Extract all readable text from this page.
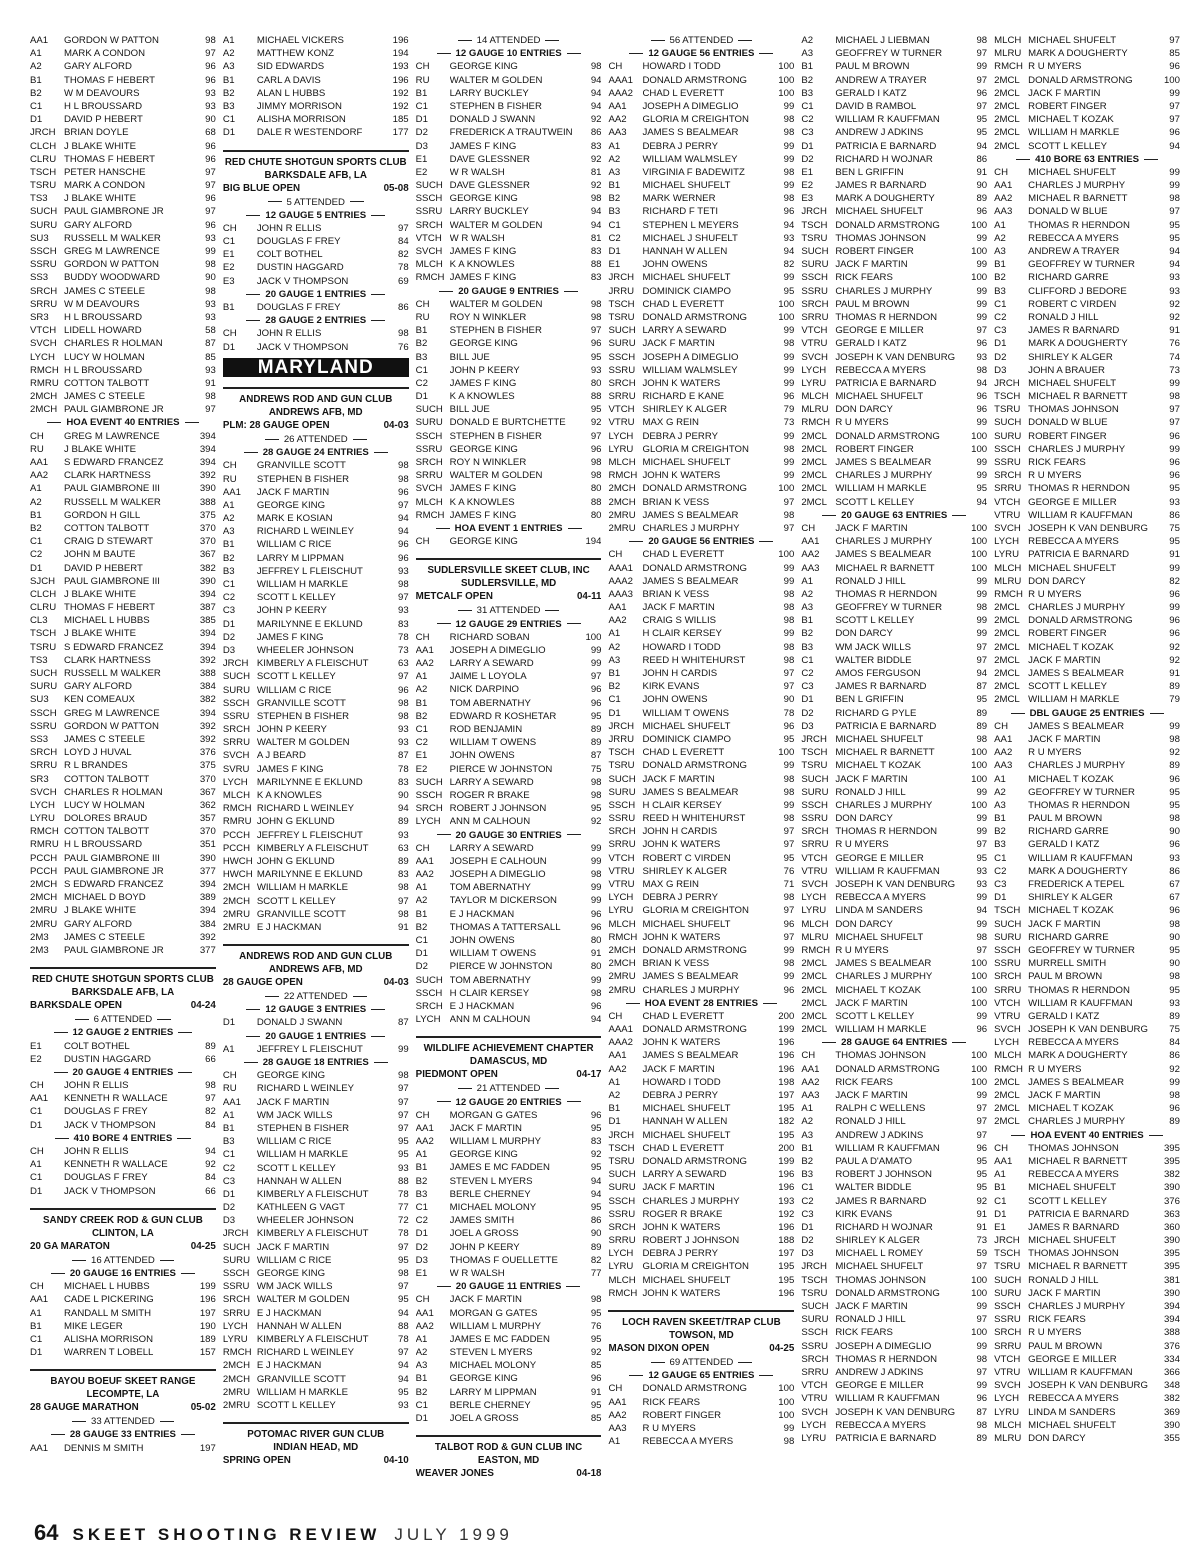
AA1	GORDON W PATTON	98
A1	MARK A CONDON	97
A2	GARY ALFORD	96
B1	THOMAS F HEBERT	96
B2	W M DEAVOURS	93
C1	H L BROUSSARD	93
D1	DAVID P HEBERT	90
JRCH BRIAN DOYLE	68
CLCH J BLAKE WHITE	96
CLRU THOMAS F HEBERT	96
TSCH PETER HANSCHE	97
TSRU MARK A CONDON	97
TS3	J BLAKE WHITE	96
SUCH PAUL GIAMBRONE JR	97
SURU GARY ALFORD	96
SU3	RUSSELL M WALKER	93
SSCH GREG M LAWRENCE	99
SSRU GORDON W PATTON	98
SS3	BUDDY WOODWARD	90
SRCH JAMES C STEELE	98
SRRU W M DEAVOURS	93
SR3	H L BROUSSARD	93
VTCH LIDELL HOWARD	58
SVCH CHARLES R HOLMAN	87
LYCH LUCY W HOLMAN	85
RMCH H L BROUSSARD	93
RMRU COTTON TALBOTT	91
2MCH JAMES C STEELE	98
2MCH PAUL GIAMBRONE JR	97
HOA EVENT 40 ENTRIES
CH	GREG M LAWRENCE	394
RU	J BLAKE WHITE	394
AA1	S EDWARD FRANCEZ	394
AA2	CLARK HARTNESS	392
A1	PAUL GIAMBRONE III	390
A2	RUSSELL M WALKER	388
B1	GORDON H GILL	375
B2	COTTON TALBOTT	370
C1	CRAIG D STEWART	370
C2	JOHN M BAUTE	367
D1	DAVID P HEBERT	382
SJCH PAUL GIAMBRONE III	390
CLCH J BLAKE WHITE	394
CLRU THOMAS F HEBERT	387
CL3	MICHAEL L HUBBS	385
TSCH J BLAKE WHITE	394
TSRU S EDWARD FRANCEZ	394
TS3	CLARK HARTNESS	392
SUCH RUSSELL M WALKER	388
SURU GARY ALFORD	384
SU3	KEN COMEAUX	382
SSCH GREG M LAWRENCE	394
SSRU GORDON W PATTON	392
SS3	JAMES C STEELE	392
SRCH LOYD J HUVAL	376
SRRU R L BRANDES	375
SR3	COTTON TALBOTT	370
SVCH CHARLES R HOLMAN	367
LYCH LUCY W HOLMAN	362
LYRU DOLORES BRAUD	357
RMCH COTTON TALBOTT	370
RMRU H L BROUSSARD	351
PCCH PAUL GIAMBRONE III	390
PCCH PAUL GIAMBRONE JR	377
2MCH S EDWARD FRANCEZ	394
2MCH MICHAEL D BOYD	389
2MRU J BLAKE WHITE	394
2MRU GARY ALFORD	384
2M3	JAMES C STEELE	392
2M3	PAUL GIAMBRONE JR	377
RED CHUTE SHOTGUN SPORTS CLUB
BARKSDALE AFB, LA
BARKSDALE OPEN	04-24
6 ATTENDED
12 GAUGE 2 ENTRIES
E1	COLT BOTHEL	89
E2	DUSTIN HAGGARD	66
20 GAUGE 4 ENTRIES
CH	JOHN R ELLIS	98
AA1	KENNETH R WALLACE	97
C1	DOUGLAS F FREY	82
D1	JACK V THOMPSON	84
410 BORE 4 ENTRIES
CH	JOHN R ELLIS	94
A1	KENNETH R WALLACE	92
C1	DOUGLAS F FREY	84
D1	JACK V THOMPSON	66
SANDY CREEK ROD & GUN CLUB
CLINTON, LA
20 GA MARATON	04-25
16 ATTENDED
20 GAUGE 16 ENTRIES
CH	MICHAEL L HUBBS	199
AA1	CADE L PICKERING	196
A1	RANDALL M SMITH	197
B1	MIKE LEGER	190
C1	ALISHA MORRISON	189
D1	WARREN T LOBELL	157
BAYOU BOEUF SKEET RANGE
LECOMPTE, LA
28 GAUGE MARATHON	05-02
33 ATTENDED
28 GAUGE 33 ENTRIES
AA1	DENNIS M SMITH	197
A1	MICHAEL VICKERS	196
A2	MATTHEW KONZ	194
A3	SID EDWARDS	193
B1	CARL A DAVIS	196
B2	ALAN L HUBBS	192
B3	JIMMY MORRISON	192
C1	ALISHA MORRISON	185
D1	DALE R WESTENDORF	177
RED CHUTE SHOTGUN SPORTS CLUB
BARKSDALE AFB, LA
BIG BLUE OPEN	05-08
5 ATTENDED
12 GAUGE 5 ENTRIES
CH	JOHN R ELLIS	97
C1	DOUGLAS F FREY	84
E1	COLT BOTHEL	82
E2	DUSTIN HAGGARD	78
E3	JACK V THOMPSON	69
20 GAUGE 1 ENTRIES
B1	DOUGLAS F FREY	86
28 GAUGE 2 ENTRIES
CH	JOHN R ELLIS	98
D1	JACK V THOMPSON	76
MARYLAND
ANDREWS ROD AND GUN CLUB
ANDREWS AFB, MD
PLM: 28 GAUGE OPEN	04-03
26 ATTENDED
28 GAUGE 24 ENTRIES
CH	GRANVILLE SCOTT	98
RU	STEPHEN B FISHER	98
AA1	JACK F MARTIN	96
A1	GEORGE KING	97
A2	MARK E KOSIAN	94
A3	RICHARD L WEINLEY	94
B1	WILLIAM C RICE	96
B2	LARRY M LIPPMAN	96
B3	JEFFREY L FLEISCHUT	93
C1	WILLIAM H MARKLE	98
C2	SCOTT L KELLEY	97
C3	JOHN P KEERY	93
D1	MARILYNNE E EKLUND	83
D2	JAMES F KING	78
D3	WHEELER JOHNSON	73
JRCH KIMBERLY A FLEISCHUT	63
SUCH SCOTT L KELLEY	97
SURU WILLIAM C RICE	96
SSCH GRANVILLE SCOTT	98
SSRU STEPHEN B FISHER	98
SRCH JOHN P KEERY	93
SRRU WALTER M GOLDEN	93
SVCH A J BEARD	87
SVRU JAMES F KING	78
LYCH MARILYNNE E EKLUND	83
MLCH K A KNOWLES	90
RMCH RICHARD L WEINLEY	94
RMRU JOHN G EKLUND	89
PCCH JEFFREY L FLEISCHUT	93
PCCH KIMBERLY A FLEISCHUT	63
HWCH JOHN G EKLUND	89
HWCH MARILYNNE E EKLUND	83
2MCH WILLIAM H MARKLE	98
2MCH SCOTT L KELLEY	97
2MRU GRANVILLE SCOTT	98
2MRU E J HACKMAN	91
ANDREWS ROD AND GUN CLUB
ANDREWS AFB, MD
28 GAUGE OPEN	04-03
22 ATTENDED
12 GAUGE 3 ENTRIES
D1	DONALD J SWANN	87
20 GAUGE 1 ENTRIES
A1	JEFFREY L FLEISCHUT	99
28 GAUGE 18 ENTRIES
CH	GEORGE KING	98
RU	RICHARD L WEINLEY	97
AA1	JACK F MARTIN	97
A1	WM JACK WILLS	97
B1	STEPHEN B FISHER	97
B3	WILLIAM C RICE	95
C1	WILLIAM H MARKLE	95
C2	SCOTT L KELLEY	93
C3	HANNAH W ALLEN	88
D1	KIMBERLY A FLEISCHUT	78
D2	KATHLEEN G VAGT	77
D3	WHEELER JOHNSON	72
JRCH KIMBERLY A FLEISCHUT	78
SUCH JACK F MARTIN	97
SURU WILLIAM C RICE	95
SSCH GEORGE KING	98
SSRU WM JACK WILLS	97
SRCH WALTER M GOLDEN	95
SRRU E J HACKMAN	94
LYCH HANNAH W ALLEN	88
LYRU KIMBERLY A FLEISCHUT	78
RMCH RICHARD L WEINLEY	97
2MCH E J HACKMAN	94
2MCH GRANVILLE SCOTT	94
2MRU WILLIAM H MARKLE	95
2MRU SCOTT L KELLEY	93
POTOMAC RIVER GUN CLUB
INDIAN HEAD, MD
SPRING OPEN	04-10
14 ATTENDED
12 GAUGE 10 ENTRIES
CH	GEORGE KING	98
RU	WALTER M GOLDEN	94
B1	LARRY BUCKLEY	94
C1	STEPHEN B FISHER	94
D1	DONALD J SWANN	92
D2	FREDERICK A TRAUTWEIN	86
D3	JAMES F KING	83
E1	DAVE GLESSNER	92
E2	W R WALSH	81
SUCH DAVE GLESSNER	92
SSCH GEORGE KING	98
SSRU LARRY BUCKLEY	94
SRCH WALTER M GOLDEN	94
VTCH W R WALSH	81
SVCH JAMES F KING	83
MLCH K A KNOWLES	88
RMCH JAMES F KING	83
20 GAUGE 9 ENTRIES
CH	WALTER M GOLDEN	98
RU	ROY N WINKLER	98
B1	STEPHEN B FISHER	97
B2	GEORGE KING	96
B3	BILL JUE	95
C1	JOHN P KEERY	93
C2	JAMES F KING	80
D1	K A KNOWLES	88
SUCH BILL JUE	95
SURU DONALD E BURTCHETTE	92
SSCH STEPHEN B FISHER	97
SSRU GEORGE KING	96
SRCH ROY N WINKLER	98
SRRU WALTER M GOLDEN	98
SVCH JAMES F KING	80
MLCH K A KNOWLES	88
RMCH JAMES F KING	80
HOA EVENT 1 ENTRIES
CH	GEORGE KING	194
SUDLERSVILLE SKEET CLUB, INC
SUDLERSVILLE, MD
METCALF OPEN	04-11
31 ATTENDED
12 GAUGE 29 ENTRIES
CH	RICHARD SOBAN	100
AA1	JOSEPH A DIMEGLIO	99
AA2	LARRY A SEWARD	99
A1	JAIME L LOYOLA	97
A2	NICK DARPINO	96
B1	TOM ABERNATHY	96
B2	EDWARD R KOSHETAR	95
C1	ROD BENJAMIN	89
C2	WILLIAM T OWENS	89
E1	JOHN OWENS	87
E2	PIERCE W JOHNSTON	75
SUCH LARRY A SEWARD	98
SSCH ROGER R BRAKE	98
SRCH ROBERT J JOHNSON	95
LYCH ANN M CALHOUN	92
20 GAUGE 30 ENTRIES
CH	LARRY A SEWARD	99
AA1	JOSEPH E CALHOUN	99
AA2	JOSEPH A DIMEGLIO	98
A1	TOM ABERNATHY	99
A2	TAYLOR M DICKERSON	99
B1	E J HACKMAN	96
B2	THOMAS A TATTERSALL	96
C1	JOHN OWENS	80
D1	WILLIAM T OWENS	91
D2	PIERCE W JOHNSTON	80
SUCH TOM ABERNATHY	99
SSCH H CLAIR KERSEY	98
SRCH E J HACKMAN	96
LYCH ANN M CALHOUN	94
WILDLIFE ACHIEVEMENT CHAPTER
DAMASCUS, MD
PIEDMONT OPEN	04-17
21 ATTENDED
12 GAUGE 20 ENTRIES
CH	MORGAN G GATES	96
AA1	JACK F MARTIN	95
AA2	WILLIAM L MURPHY	83
A1	GEORGE KING	92
B1	JAMES E MC FADDEN	95
B2	STEVEN L MYERS	94
B3	BERLE CHERNEY	94
C1	MICHAEL MOLONY	95
C2	JAMES SMITH	86
D1	JOEL A GROSS	90
D2	JOHN P KEERY	89
D3	THOMAS F OUELLETTE	82
E1	W R WALSH	77
20 GAUGE 11 ENTRIES
CH	JACK F MARTIN	98
AA1	MORGAN G GATES	95
AA2	WILLIAM L MURPHY	76
A1	JAMES E MC FADDEN	95
A2	STEVEN L MYERS	92
A3	MICHAEL MOLONY	85
B1	GEORGE KING	96
B2	LARRY M LIPPMAN	91
C1	BERLE CHERNEY	95
D1	JOEL A GROSS	85
TALBOT ROD & GUN CLUB INC
EASTON, MD
WEAVER JONES	04-18
56 ATTENDED
12 GAUGE 56 ENTRIES
CH	HOWARD I TODD	100
AAA1 DONALD ARMSTRONG	100
AAA2 CHAD L EVERETT	100
AA1	JOSEPH A DIMEGLIO	99
AA2	GLORIA M CREIGHTON	98
AA3	JAMES S BEALMEAR	98
A1	DEBRA J PERRY	99
A2	WILLIAM WALMSLEY	99
A3	VIRGINIA F BADEWITZ	98
B1	MICHAEL SHUFELT	99
B2	MARK WERNER	98
B3	RICHARD F TETI	96
C1	STEPHEN L MEYERS	94
C2	MICHAEL J SHUFELT	93
D1	HANNAH W ALLEN	94
E1	JOHN OWENS	82
JRCH MICHAEL SHUFELT	99
JRRU DOMINICK CIAMPO	95
TSCH CHAD L EVERETT	100
TSRU DONALD ARMSTRONG	100
SUCH LARRY A SEWARD	99
SURU JACK F MARTIN	98
SSCH JOSEPH A DIMEGLIO	99
SSRU WILLIAM WALMSLEY	99
SRCH JOHN K WATERS	99
SRRU RICHARD E KANE	96
VTCH SHIRLEY K ALGER	79
VTRU MAX G REIN	73
LYCH DEBRA J PERRY	99
LYRU GLORIA M CREIGHTON	98
MLCH MICHAEL SHUFELT	99
RMCH JOHN K WATERS	99
2MCH DONALD ARMSTRONG	100
2MCH BRIAN K VESS	97
2MRU JAMES S BEALMEAR	98
2MRU CHARLES J MURPHY	97
20 GAUGE 56 ENTRIES
CH	CHAD L EVERETT	100
AAA1 DONALD ARMSTRONG	99
AAA2 JAMES S BEALMEAR	99
AAA3 BRIAN K VESS	98
AA1	JACK F MARTIN	98
AA2	CRAIG S WILLIS	98
A1	H CLAIR KERSEY	99
A2	HOWARD I TODD	98
A3	REED H WHITEHURST	98
B1	JOHN H CARDIS	97
B2	KIRK EVANS	97
C1	JOHN OWENS	90
D1	WILLIAM T OWENS	78
JRCH MICHAEL SHUFELT	96
JRRU DOMINICK CIAMPO	95
TSCH CHAD L EVERETT	100
TSRU DONALD ARMSTRONG	99
SUCH JACK F MARTIN	98
SURU JAMES S BEALMEAR	98
SSCH H CLAIR KERSEY	99
SSRU REED H WHITEHURST	98
SRCH JOHN H CARDIS	97
SRRU JOHN K WATERS	97
VTCH ROBERT C VIRDEN	95
VTRU SHIRLEY K ALGER	76
VTRU MAX G REIN	71
LYCH DEBRA J PERRY	98
LYRU GLORIA M CREIGHTON	97
MLCH MICHAEL SHUFELT	96
RMCH JOHN K WATERS	97
2MCH DONALD ARMSTRONG	99
2MCH BRIAN K VESS	98
2MRU JAMES S BEALMEAR	99
2MRU CHARLES J MURPHY	96
HOA EVENT 28 ENTRIES
CH	CHAD L EVERETT	200
AAA1 DONALD ARMSTRONG	199
AAA2 JOHN K WATERS	196
AA1	JAMES S BEALMEAR	196
AA2	JACK F MARTIN	196
A1	HOWARD I TODD	198
A2	DEBRA J PERRY	197
B1	MICHAEL SHUFELT	195
D1	HANNAH W ALLEN	182
JRCH MICHAEL SHUFELT	195
TSCH CHAD L EVERETT	200
TSRU DONALD ARMSTRONG	199
SUCH LARRY A SEWARD	196
SURU JACK F MARTIN	196
SSCH CHARLES J MURPHY	193
SSRU ROGER R BRAKE	192
SRCH JOHN K WATERS	196
SRRU ROBERT J JOHNSON	188
LYCH DEBRA J PERRY	197
LYRU GLORIA M CREIGHTON	195
MLCH MICHAEL SHUFELT	195
RMCH JOHN K WATERS	196
LOCH RAVEN SKEET/TRAP CLUB
TOWSON, MD
MASON DIXON OPEN	04-25
69 ATTENDED
12 GAUGE 65 ENTRIES
CH	DONALD ARMSTRONG	100
AA1	RICK FEARS	100
AA2	ROBERT FINGER	100
AA3	R U MYERS	99
A1	REBECCA A MYERS	98
A2	MICHAEL J LIEBMAN	98
A3	GEOFFREY W TURNER	97
B1	PAUL M BROWN	99
B2	ANDREW A TRAYER	97
B3	GERALD I KATZ	96
C1	DAVID B RAMBOL	97
C2	WILLIAM R KAUFFMAN	95
C3	ANDREW J ADKINS	95
D1	PATRICIA E BARNARD	94
D2	RICHARD H WOJNAR	86
E1	BEN L GRIFFIN	91
E2	JAMES R BARNARD	90
E3	MARK A DOUGHERTY	89
JRCH MICHAEL SHUFELT	96
TSCH DONALD ARMSTRONG	100
TSRU THOMAS JOHNSON	99
SUCH ROBERT FINGER	100
SURU JACK F MARTIN	99
SSCH RICK FEARS	100
SSRU CHARLES J MURPHY	99
SRCH PAUL M BROWN	99
SRRU THOMAS R HERNDON	99
VTCH GEORGE E MILLER	97
VTRU GERALD I KATZ	96
SVCH JOSEPH K VAN DENBURG	93
LYCH REBECCA A MYERS	98
LYRU PATRICIA E BARNARD	94
MLCH MICHAEL SHUFELT	96
MLRU DON DARCY	96
RMCH R U MYERS	99
2MCL DONALD ARMSTRONG	100
2MCL ROBERT FINGER	100
2MCL JAMES S BEALMEAR	99
2MCL CHARLES J MURPHY	99
2MCL WILLIAM H MARKLE	95
2MCL SCOTT L KELLEY	94
20 GAUGE 63 ENTRIES
CH	JACK F MARTIN	100
AA1	CHARLES J MURPHY	100
AA2	JAMES S BEALMEAR	100
AA3	MICHAEL R BARNETT	100
A1	RONALD J HILL	99
A2	THOMAS R HERNDON	99
A3	GEOFFREY W TURNER	98
B1	SCOTT L KELLEY	99
B2	DON DARCY	99
B3	WM JACK WILLS	97
C1	WALTER BIDDLE	97
C2	AMOS FERGUSON	94
C3	JAMES R BARNARD	87
D1	BEN L GRIFFIN	95
D2	RICHARD G PYLE	89
D3	PATRICIA E BARNARD	89
JRCH MICHAEL SHUFELT	98
TSCH MICHAEL R BARNETT	100
TSRU MICHAEL T KOZAK	100
SUCH JACK F MARTIN	100
SURU RONALD J HILL	99
SSCH CHARLES J MURPHY	100
SSRU DON DARCY	99
SRCH THOMAS R HERNDON	99
SRRU R U MYERS	97
VTCH GEORGE E MILLER	95
VTRU WILLIAM R KAUFFMAN	93
SVCH JOSEPH K VAN DENBURG	93
LYCH REBECCA A MYERS	99
LYRU LINDA M SANDERS	94
MLCH DON DARCY	99
MLRU MICHAEL SHUFELT	98
RMCH R U MYERS	97
2MCL JAMES S BEALMEAR	100
2MCL CHARLES J MURPHY	100
2MCL MICHAEL T KOZAK	100
2MCL JACK F MARTIN	100
2MCL SCOTT L KELLEY	99
2MCL WILLIAM H MARKLE	96
28 GAUGE 64 ENTRIES
CH	THOMAS JOHNSON	100
AA1	DONALD ARMSTRONG	100
AA2	RICK FEARS	100
AA3	JACK F MARTIN	99
A1	RALPH C WELLENS	97
A2	RONALD J HILL	97
A3	ANDREW J ADKINS	97
B1	WILLIAM R KAUFFMAN	96
B2	PAUL A D'AMATO	95
B3	ROBERT J JOHNSON	95
C1	WALTER BIDDLE	95
C2	JAMES R BARNARD	92
C3	KIRK EVANS	91
D1	RICHARD H WOJNAR	91
D2	SHIRLEY K ALGER	73
D3	MICHAEL L ROMEY	59
JRCH MICHAEL SHUFELT	97
TSCH THOMAS JOHNSON	100
TSRU DONALD ARMSTRONG	100
SUCH JACK F MARTIN	99
SURU RONALD J HILL	97
SSCH RICK FEARS	100
SSRU JOSEPH A DIMEGLIO	99
SRCH THOMAS R HERNDON	98
SRRU ANDREW J ADKINS	97
VTCH GEORGE E MILLER	99
VTRU WILLIAM R KAUFFMAN	96
SVCH JOSEPH K VAN DENBURG	87
LYCH REBECCA A MYERS	98
LYRU PATRICIA E BARNARD	89
MLCH MICHAEL SHUFELT	97
MLRU MARK A DOUGHERTY	85
RMCH R U MYERS	96
2MCL DONALD ARMSTRONG	100
2MCL JACK F MARTIN	99
2MCL ROBERT FINGER	97
2MCL MICHAEL T KOZAK	97
2MCL WILLIAM H MARKLE	96
2MCL SCOTT L KELLEY	94
410 BORE 63 ENTRIES
CH	MICHAEL SHUFELT	99
AA1	CHARLES J MURPHY	99
AA2	MICHAEL R BARNETT	98
AA3	DONALD W BLUE	97
A1	THOMAS R HERNDON	95
A2	REBECCA A MYERS	95
A3	ANDREW A TRAYER	94
B1	GEOFFREY W TURNER	94
B2	RICHARD GARRE	93
B3	CLIFFORD J BEDORE	93
C1	ROBERT C VIRDEN	92
C2	RONALD J HILL	92
C3	JAMES R BARNARD	91
D1	MARK A DOUGHERTY	76
D2	SHIRLEY K ALGER	74
D3	JOHN A BRAUER	73
JRCH MICHAEL SHUFELT	99
TSCH MICHAEL R BARNETT	98
TSRU THOMAS JOHNSON	97
SUCH DONALD W BLUE	97
SURU ROBERT FINGER	96
SSCH CHARLES J MURPHY	99
SSRU RICK FEARS	96
SRCH R U MYERS	96
SRRU THOMAS R HERNDON	95
VTCH GEORGE E MILLER	93
VTRU WILLIAM R KAUFFMAN	86
SVCH JOSEPH K VAN DENBURG	75
LYCH REBECCA A MYERS	95
LYRU PATRICIA E BARNARD	91
MLCH MICHAEL SHUFELT	99
MLRU DON DARCY	82
RMCH R U MYERS	96
2MCL CHARLES J MURPHY	99
2MCL DONALD ARMSTRONG	96
2MCL ROBERT FINGER	96
2MCL MICHAEL T KOZAK	92
2MCL JACK F MARTIN	92
2MCL JAMES S BEALMEAR	91
2MCL SCOTT L KELLEY	89
2MCL WILLIAM H MARKLE	79
DBL GAUGE 25 ENTRIES
CH	JAMES S BEALMEAR	99
AA1	JACK F MARTIN	98
AA2	R U MYERS	92
AA3	CHARLES J MURPHY	89
A1	MICHAEL T KOZAK	96
A2	GEOFFREY W TURNER	95
A3	THOMAS R HERNDON	95
B1	PAUL M BROWN	98
B2	RICHARD GARRE	90
B3	GERALD I KATZ	96
C1	WILLIAM R KAUFFMAN	93
C2	MARK A DOUGHERTY	86
C3	FREDERICK A TEPEL	67
D1	SHIRLEY K ALGER	67
TSCH MICHAEL T KOZAK	96
SUCH JACK F MARTIN	98
SURU RICHARD GARRE	90
SSCH GEOFFREY W TURNER	95
SSRU MURRELL SMITH	90
SRCH PAUL M BROWN	98
SRRU THOMAS R HERNDON	95
VTCH WILLIAM R KAUFFMAN	93
VTRU GERALD I KATZ	89
SVCH JOSEPH K VAN DENBURG	75
LYCH REBECCA A MYERS	84
MLCH MARK A DOUGHERTY	86
RMCH R U MYERS	92
2MCL JAMES S BEALMEAR	99
2MCL JACK F MARTIN	98
2MCL MICHAEL T KOZAK	96
2MCL CHARLES J MURPHY	89
HOA EVENT 40 ENTRIES
CH	THOMAS JOHNSON	395
AA1	MICHAEL R BARNETT	395
A1	REBECCA A MYERS	382
B1	MICHAEL SHUFELT	390
C1	SCOTT L KELLEY	376
D1	PATRICIA E BARNARD	363
E1	JAMES R BARNARD	360
JRCH MICHAEL SHUFELT	390
TSCH THOMAS JOHNSON	395
TSRU MICHAEL R BARNETT	395
SUCH RONALD J HILL	381
SURU JACK F MARTIN	390
SSCH CHARLES J MURPHY	394
SSRU RICK FEARS	394
SRCH R U MYERS	388
SRRU PAUL M BROWN	376
VTCH GEORGE E MILLER	334
VTRU WILLIAM R KAUFFMAN	366
SVCH JOSEPH K VAN DENBURG	348
LYCH REBECCA A MYERS	382
LYRU LINDA M SANDERS	369
MLCH MICHAEL SHUFELT	390
MLRU DON DARCY	355
64 SKEET SHOOTING REVIEW JULY 1999
